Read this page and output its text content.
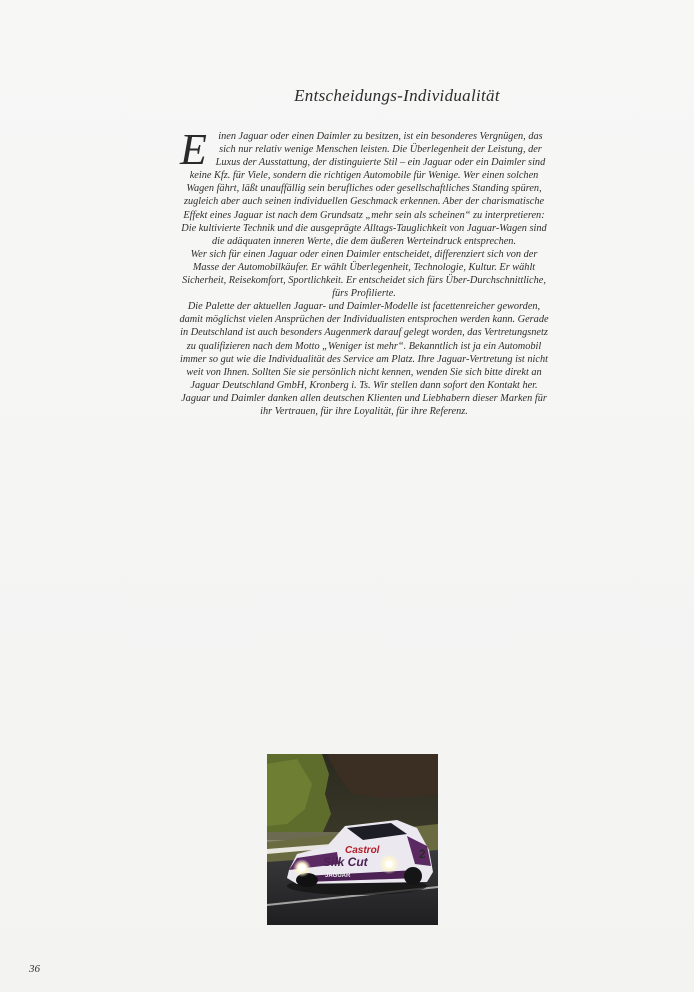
Entscheidungs-Individualität

E inen Jaguar oder einen Daimler zu besitzen, ist ein besonderes Vergnügen, das sich nur relativ wenige Menschen leisten. Die Überlegenheit der Leistung, der Luxus der Ausstattung, der distinguierte Stil – ein Jaguar oder ein Daimler sind keine Kfz. für Viele, sondern die richtigen Automobile für Wenige. Wer einen solchen Wagen fährt, läßt unauffällig sein berufliches oder gesellschaftliches Standing spüren, zugleich aber auch seinen individuellen Geschmack erkennen. Aber der charismatische Effekt eines Jaguar ist nach dem Grundsatz „mehr sein als scheinen“ zu interpretieren: Die kultivierte Technik und die ausgeprägte Alltags-Tauglichkeit von Jaguar-Wagen sind die adäquaten inneren Werte, die dem äußeren Werteindruck entsprechen.

Wer sich für einen Jaguar oder einen Daimler entscheidet, differenziert sich von der Masse der Automobilkäufer. Er wählt Überlegenheit, Technologie, Kultur. Er wählt Sicherheit, Reisekomfort, Sportlichkeit. Er entscheidet sich fürs Über-Durchschnittliche, fürs Profilierte.

Die Palette der aktuellen Jaguar- und Daimler-Modelle ist facettenreicher geworden, damit möglichst vielen Ansprüchen der Individualisten entsprochen werden kann. Gerade in Deutschland ist auch besonders Augenmerk darauf gelegt worden, das Vertretungsnetz zu qualifizieren nach dem Motto „Weniger ist mehr“. Bekanntlich ist ja ein Automobil immer so gut wie die Individualität des Service am Platz. Ihre Jaguar-Vertretung ist nicht weit von Ihnen. Sollten Sie sie persönlich nicht kennen, wenden Sie sich bitte direkt an Jaguar Deutschland GmbH, Kronberg i. Ts. Wir stellen dann sofort den Kontakt her.

Jaguar und Daimler danken allen deutschen Klienten und Liebhabern dieser Marken für ihr Vertrauen, für ihre Loyalität, für ihre Referenz.

Castrol
Silk Cut
JAGUAR
2
36
